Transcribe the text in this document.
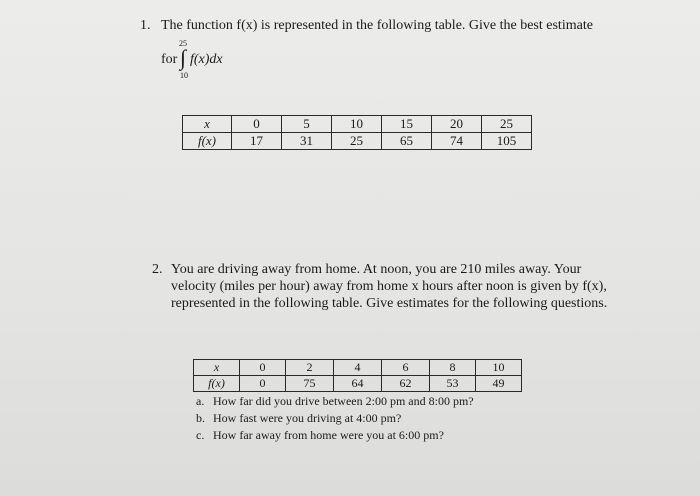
1. The function f(x) is represented in the following table. Give the best estimate
for
25
∫
10
f(x)dx
x	0	5	10	15	20	25
f(x)	17	31	25	65	74	105
2. You are driving away from home. At noon, you are 210 miles away. Your
velocity (miles per hour) away from home x hours after noon is given by f(x),
represented in the following table. Give estimates for the following questions.
x	0	2	4	6	8	10
f(x)	0	75	64	62	53	49
a. How far did you drive between 2:00 pm and 8:00 pm?
b. How fast were you driving at 4:00 pm?
c. How far away from home were you at 6:00 pm?
